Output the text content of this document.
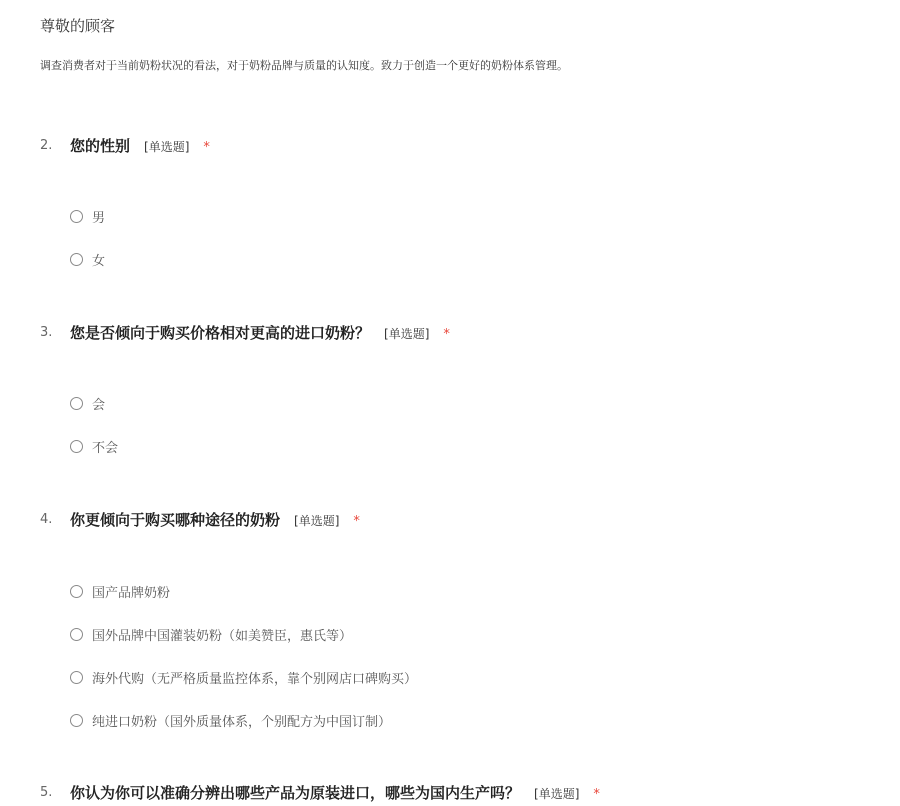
尊敬的顾客
调查消费者对于当前奶粉状况的看法，对于奶粉品牌与质量的认知度。致力于创造一个更好的奶粉体系管理。
2. 您的性别 [单选题] *
男
女
3. 您是否倾向于购买价格相对更高的进口奶粉？ [单选题] *
会
不会
4. 你更倾向于购买哪种途径的奶粉 [单选题] *
国产品牌奶粉
国外品牌中国灌装奶粉（如美赞臣，惠氏等）
海外代购（无严格质量监控体系，靠个别网店口碑购买）
纯进口奶粉（国外质量体系，个别配方为中国订制）
5. 你认为你可以准确分辨出哪些产品为原装进口，哪些为国内生产吗？ [单选题] *
